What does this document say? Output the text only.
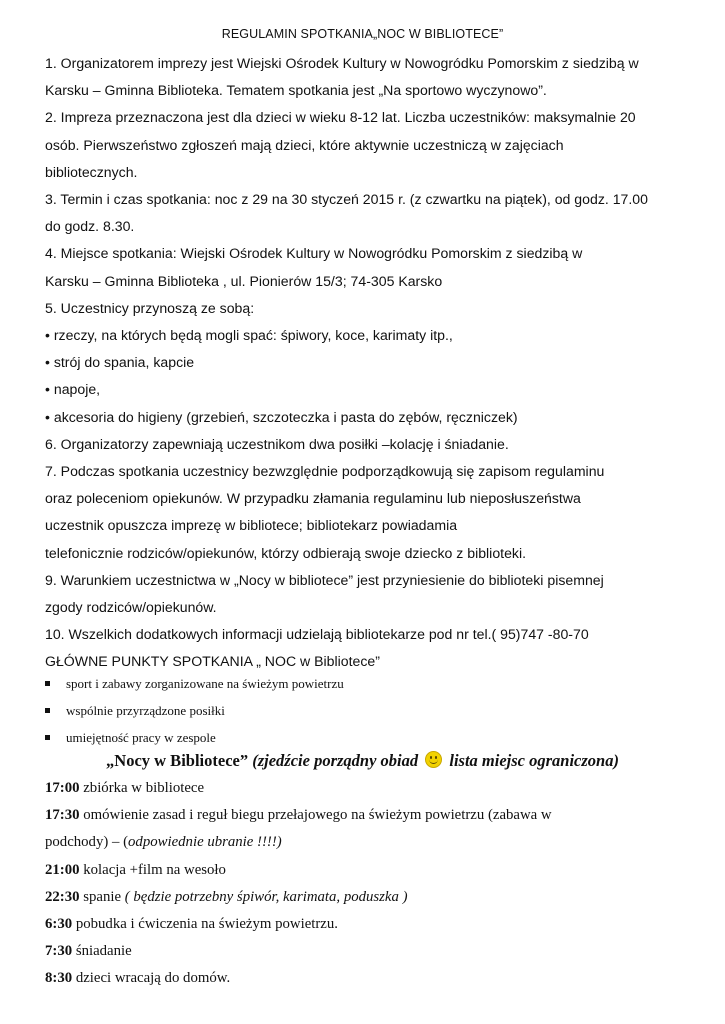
REGULAMIN SPOTKANIA„NOC W BIBLIOTECE”
1. Organizatorem imprezy jest Wiejski Ośrodek Kultury w Nowogródku Pomorskim z siedzibą w
Karsku – Gminna Biblioteka. Tematem spotkania jest „Na sportowo wyczynowo”.
2. Impreza przeznaczona jest dla dzieci w wieku 8-12 lat. Liczba uczestników: maksymalnie 20
osób. Pierwszeństwo zgłoszeń mają dzieci, które aktywnie uczestniczą w zajęciach
bibliotecznych.
3. Termin i czas spotkania: noc z 29 na 30 styczeń 2015 r. (z czwartku na piątek), od godz. 17.00
do godz. 8.30.
4. Miejsce spotkania: Wiejski Ośrodek Kultury w Nowogródku Pomorskim z siedzibą w
Karsku – Gminna Biblioteka , ul. Pionierów 15/3; 74-305 Karsko
5. Uczestnicy przynoszą ze sobą:
• rzeczy, na których będą mogli spać: śpiwory, koce, karimaty itp.,
• strój do spania, kapcie
• napoje,
• akcesoria do higieny (grzebień, szczoteczka i pasta do zębów, ręczniczek)
6. Organizatorzy zapewniają uczestnikom dwa posiłki –kolację i śniadanie.
7. Podczas spotkania uczestnicy bezwzględnie podporządkowują się zapisom regulaminu
oraz poleceniom opiekunów. W przypadku złamania regulaminu lub nieposłuszeństwa
uczestnik opuszcza imprezę w bibliotece; bibliotekarz powiadamia
telefonicznie rodziców/opiekunów, którzy odbierają swoje dziecko z biblioteki.
9. Warunkiem uczestnictwa w „Nocy w bibliotece” jest przyniesienie do biblioteki pisemnej
zgody rodziców/opiekunów.
10. Wszelkich dodatkowych informacji udzielają bibliotekarze pod nr tel.( 95)747 -80-70
GŁÓWNE PUNKTY SPOTKANIA „ NOC w Bibliotece”
sport i zabawy zorganizowane na świeżym powietrzu
wspólnie przyrządzone posiłki
umiejętność pracy w zespole
„Nocy w Bibliotece” (zjedźcie porządny obiad lista miejsc ograniczona)
17:00 zbiórka w bibliotece
17:30 omówienie zasad i reguł biegu przełajowego na świeżym powietrzu (zabawa w
podchody) – (odpowiednie ubranie !!!!)
21:00 kolacja +film na wesoło
22:30 spanie ( będzie potrzebny śpiwór, karimata, poduszka )
6:30 pobudka i ćwiczenia na świeżym powietrzu.
7:30 śniadanie
8:30 dzieci wracają do domów.
